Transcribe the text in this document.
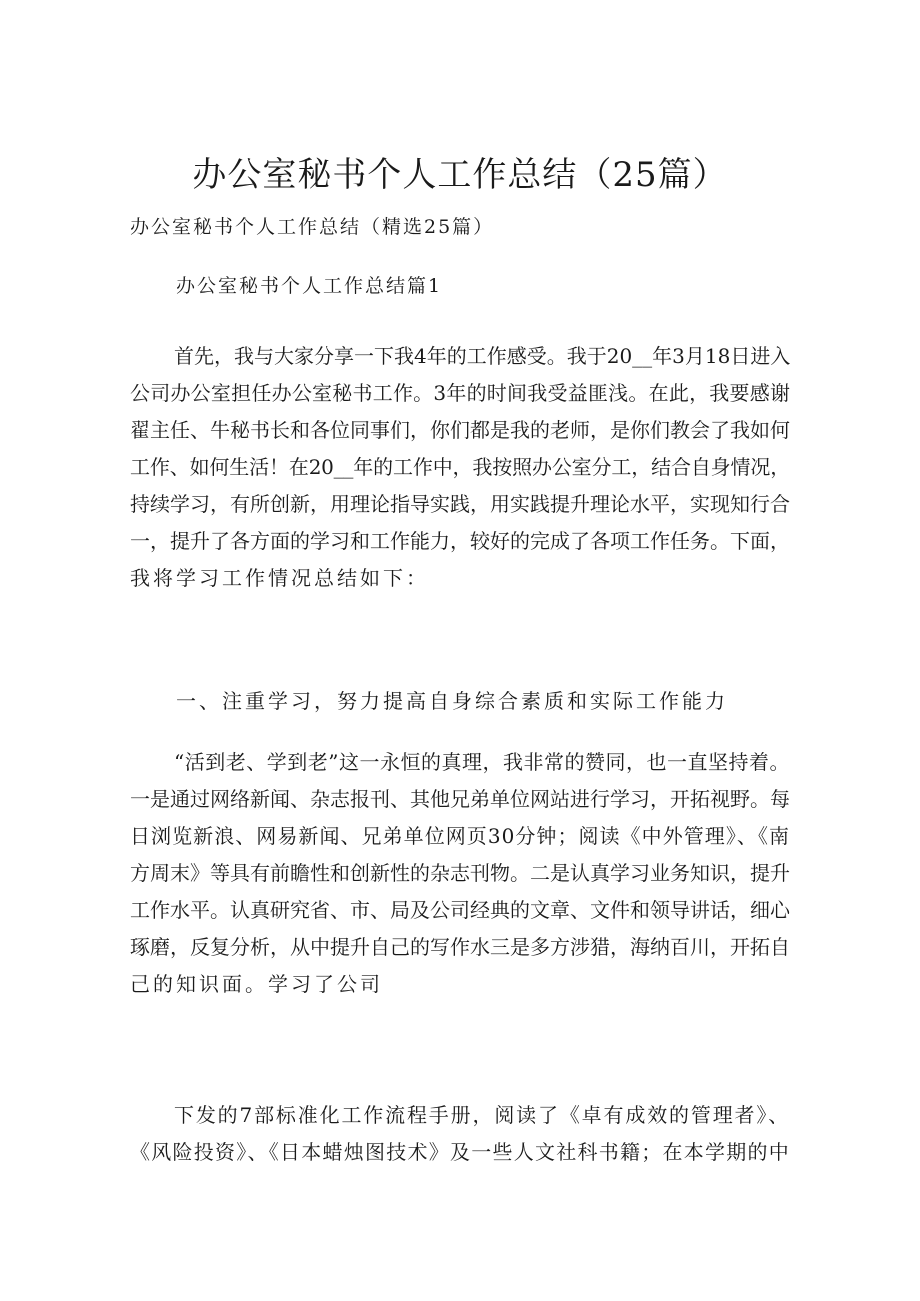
办公室秘书个人工作总结（25篇）

办公室秘书个人工作总结（精选25篇）

办公室秘书个人工作总结篇1

首先，我与大家分享一下我4年的工作感受。我于20__年3月18日进入
公司办公室担任办公室秘书工作。3年的时间我受益匪浅。在此，我要感谢
翟主任、牛秘书长和各位同事们，你们都是我的老师，是你们教会了我如何
工作、如何生活！在20__年的工作中，我按照办公室分工，结合自身情况，
持续学习，有所创新，用理论指导实践，用实践提升理论水平，实现知行合
一，提升了各方面的学习和工作能力，较好的完成了各项工作任务。下面，
我将学习工作情况总结如下：

一、注重学习，努力提高自身综合素质和实际工作能力

“活到老、学到老”这一永恒的真理，我非常的赞同，也一直坚持着。
一是通过网络新闻、杂志报刊、其他兄弟单位网站进行学习，开拓视野。每
日浏览新浪、网易新闻、兄弟单位网页30分钟；阅读《中外管理》、《南
方周末》等具有前瞻性和创新性的杂志刊物。二是认真学习业务知识，提升
工作水平。认真研究省、市、局及公司经典的文章、文件和领导讲话，细心
琢磨，反复分析，从中提升自己的写作水三是多方涉猎，海纳百川，开拓自
己的知识面。学习了公司
下发的7部标准化工作流程手册，阅读了《卓有成效的管理者》、
《风险投资》、《日本蜡烛图技术》及一些人文社科书籍；在本学期的中
